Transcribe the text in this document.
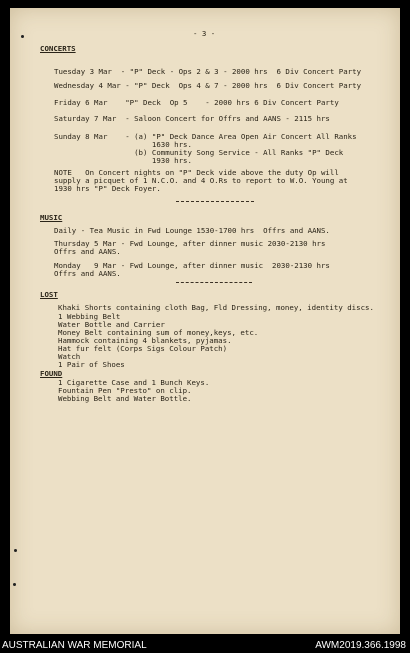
- 3 -
CONCERTS
Tuesday 3 Mar  - "P" Deck - Ops 2 & 3 - 2000 hrs  6 Div Concert Party
Wednesday 4 Mar - "P" Deck  Ops 4 & 7 - 2000 hrs  6 Div Concert Party
Friday 6 Mar    "P" Deck  Op 5    - 2000 hrs 6 Div Concert Party
Saturday 7 Mar  - Saloon Concert for Offrs and AANS - 2115 hrs
Sunday 8 Mar    - (a) "P" Deck Dance Area Open Air Concert All Ranks
1630 hrs.
(b) Community Song Service - All Ranks "P" Deck
1930 hrs.
NOTE   On Concert nights on "P" Deck vide above the duty Op will
supply a picquet of 1 N.C.O. and 4 O.Rs to report to W.O. Young at
1930 hrs "P" Deck Foyer.
MUSIC
Daily - Tea Music in Fwd Lounge 1530-1700 hrs  Offrs and AANS.
Thursday 5 Mar - Fwd Lounge, after dinner music 2030-2130 hrs
Offrs and AANS.
Monday   9 Mar - Fwd Lounge, after dinner music  2030-2130 hrs
Offrs and AANS.
LOST
Khaki Shorts containing cloth Bag, Fld Dressing, money, identity discs.
1 Webbing Belt
Water Bottle and Carrier
Money Belt containing sum of money,keys, etc.
Hammock containing 4 blankets, pyjamas.
Hat fur felt (Corps Sigs Colour Patch)
Watch
1 Pair of Shoes
FOUND
1 Cigarette Case and 1 Bunch Keys.
Fountain Pen "Presto" on clip.
Webbing Belt and Water Bottle.
AUSTRALIAN WAR MEMORIAL	AWM2019.366.1998
